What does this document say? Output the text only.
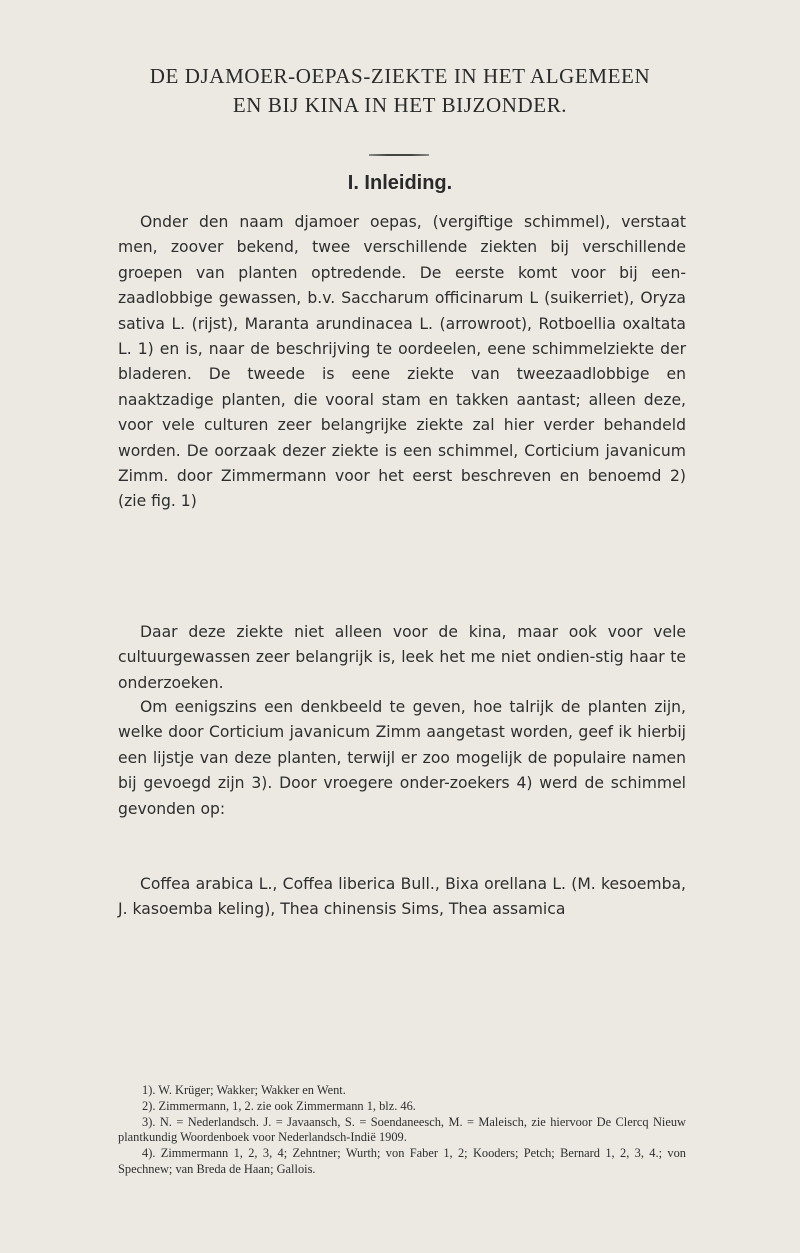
DE DJAMOER-OEPAS-ZIEKTE IN HET ALGEMEEN
EN BIJ KINA IN HET BIJZONDER.
I. Inleiding.

Onder den naam djamoer oepas, (vergiftige schimmel), verstaat men, zoover bekend, twee verschillende ziekten bij verschillende groepen van planten optredende. De eerste komt voor bij een-zaadlobbige gewassen, b.v. Saccharum officinarum L (suikerriet), Oryza sativa L. (rijst), Maranta arundinacea L. (arrowroot), Rotboellia oxaltata L. 1) en is, naar de beschrijving te oordeelen, eene schimmelziekte der bladeren. De tweede is eene ziekte van tweezaadlobbige en naaktzadige planten, die vooral stam en takken aantast; alleen deze, voor vele culturen zeer belangrijke ziekte zal hier verder behandeld worden. De oorzaak dezer ziekte is een schimmel, Corticium javanicum Zimm. door Zimmermann voor het eerst beschreven en benoemd 2) (zie fig. 1)

Daar deze ziekte niet alleen voor de kina, maar ook voor vele cultuurgewassen zeer belangrijk is, leek het me niet ondien-stig haar te onderzoeken.

Om eenigszins een denkbeeld te geven, hoe talrijk de planten zijn, welke door Corticium javanicum Zimm aangetast worden, geef ik hierbij een lijstje van deze planten, terwijl er zoo mogelijk de populaire namen bij gevoegd zijn 3). Door vroegere onder-zoekers 4) werd de schimmel gevonden op:

Coffea arabica L., Coffea liberica Bull., Bixa orellana L. (M. kesoemba, J. kasoemba keling), Thea chinensis Sims, Thea assamica

1). W. Krüger; Wakker; Wakker en Went.
2). Zimmermann, 1, 2. zie ook Zimmermann 1, blz. 46.
3). N. = Nederlandsch. J. = Javaansch, S. = Soendaneesch, M. = Maleisch, zie hiervoor De Clercq Nieuw plantkundig Woordenboek voor Nederlandsch-Indië 1909.
4). Zimmermann 1, 2, 3, 4; Zehntner; Wurth; von Faber 1, 2; Kooders; Petch; Bernard 1, 2, 3, 4.; von Spechnew; van Breda de Haan; Gallois.
